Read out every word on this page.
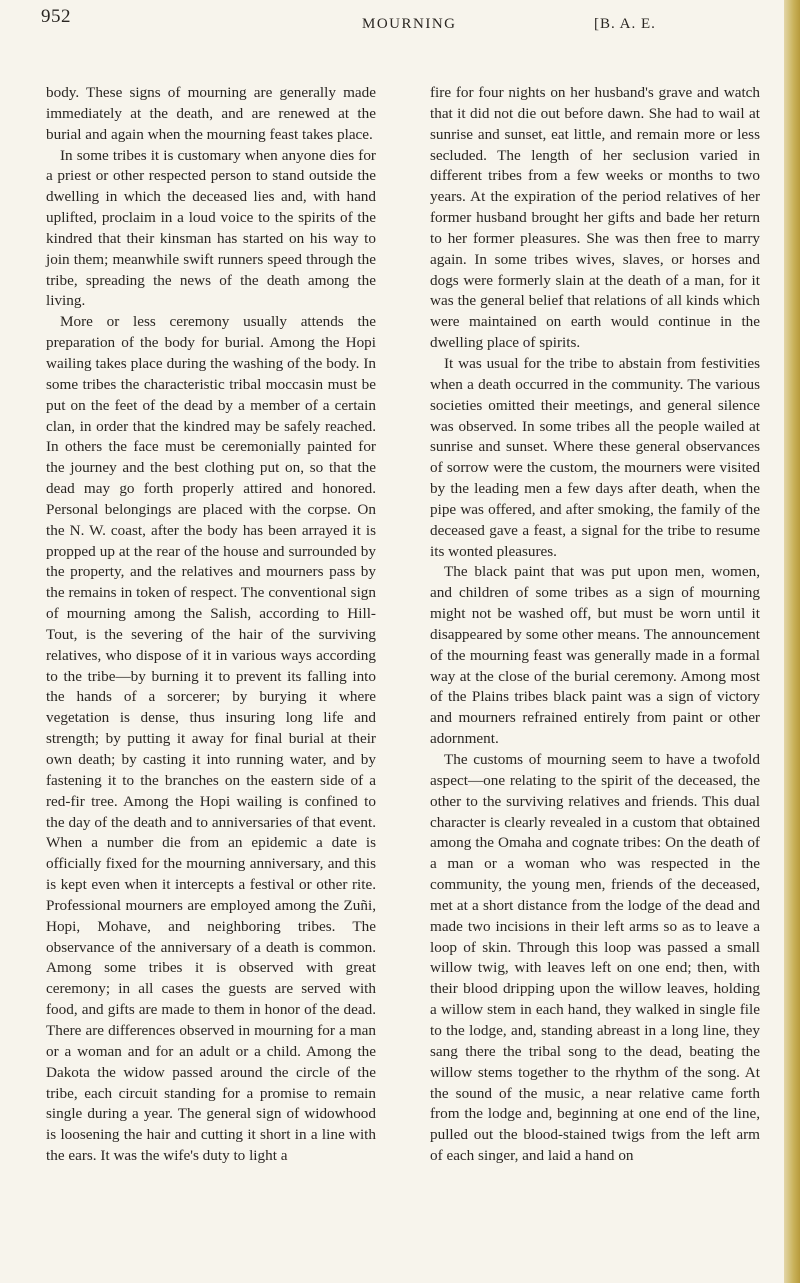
952	MOURNING	[B. A. E.

body. These signs of mourning are generally made immediately at the death, and are renewed at the burial and again when the mourning feast takes place.

In some tribes it is customary when anyone dies for a priest or other respected person to stand outside the dwelling in which the deceased lies and, with hand uplifted, proclaim in a loud voice to the spirits of the kindred that their kinsman has started on his way to join them; meanwhile swift runners speed through the tribe, spreading the news of the death among the living.

More or less ceremony usually attends the preparation of the body for burial. Among the Hopi wailing takes place during the washing of the body. In some tribes the characteristic tribal moccasin must be put on the feet of the dead by a member of a certain clan, in order that the kindred may be safely reached. In others the face must be ceremonially painted for the journey and the best clothing put on, so that the dead may go forth properly attired and honored. Personal belongings are placed with the corpse. On the N. W. coast, after the body has been arrayed it is propped up at the rear of the house and surrounded by the property, and the relatives and mourners pass by the remains in token of respect. The conventional sign of mourning among the Salish, according to Hill-Tout, is the severing of the hair of the surviving relatives, who dispose of it in various ways according to the tribe—by burning it to prevent its falling into the hands of a sorcerer; by burying it where vegetation is dense, thus insuring long life and strength; by putting it away for final burial at their own death; by casting it into running water, and by fastening it to the branches on the eastern side of a red-fir tree. Among the Hopi wailing is confined to the day of the death and to anniversaries of that event. When a number die from an epidemic a date is officially fixed for the mourning anniversary, and this is kept even when it intercepts a festival or other rite. Professional mourners are employed among the Zuñi, Hopi, Mohave, and neighboring tribes. The observance of the anniversary of a death is common. Among some tribes it is observed with great ceremony; in all cases the guests are served with food, and gifts are made to them in honor of the dead. There are differences observed in mourning for a man or a woman and for an adult or a child. Among the Dakota the widow passed around the circle of the tribe, each circuit standing for a promise to remain single during a year. The general sign of widowhood is loosening the hair and cutting it short in a line with the ears. It was the wife's duty to light a

fire for four nights on her husband's grave and watch that it did not die out before dawn. She had to wail at sunrise and sunset, eat little, and remain more or less secluded. The length of her seclusion varied in different tribes from a few weeks or months to two years. At the expiration of the period relatives of her former husband brought her gifts and bade her return to her former pleasures. She was then free to marry again. In some tribes wives, slaves, or horses and dogs were formerly slain at the death of a man, for it was the general belief that relations of all kinds which were maintained on earth would continue in the dwelling place of spirits.

It was usual for the tribe to abstain from festivities when a death occurred in the community. The various societies omitted their meetings, and general silence was observed. In some tribes all the people wailed at sunrise and sunset. Where these general observances of sorrow were the custom, the mourners were visited by the leading men a few days after death, when the pipe was offered, and after smoking, the family of the deceased gave a feast, a signal for the tribe to resume its wonted pleasures.

The black paint that was put upon men, women, and children of some tribes as a sign of mourning might not be washed off, but must be worn until it disappeared by some other means. The announcement of the mourning feast was generally made in a formal way at the close of the burial ceremony. Among most of the Plains tribes black paint was a sign of victory and mourners refrained entirely from paint or other adornment.

The customs of mourning seem to have a twofold aspect—one relating to the spirit of the deceased, the other to the surviving relatives and friends. This dual character is clearly revealed in a custom that obtained among the Omaha and cognate tribes: On the death of a man or a woman who was respected in the community, the young men, friends of the deceased, met at a short distance from the lodge of the dead and made two incisions in their left arms so as to leave a loop of skin. Through this loop was passed a small willow twig, with leaves left on one end; then, with their blood dripping upon the willow leaves, holding a willow stem in each hand, they walked in single file to the lodge, and, standing abreast in a long line, they sang there the tribal song to the dead, beating the willow stems together to the rhythm of the song. At the sound of the music, a near relative came forth from the lodge and, beginning at one end of the line, pulled out the blood-stained twigs from the left arm of each singer, and laid a hand on
